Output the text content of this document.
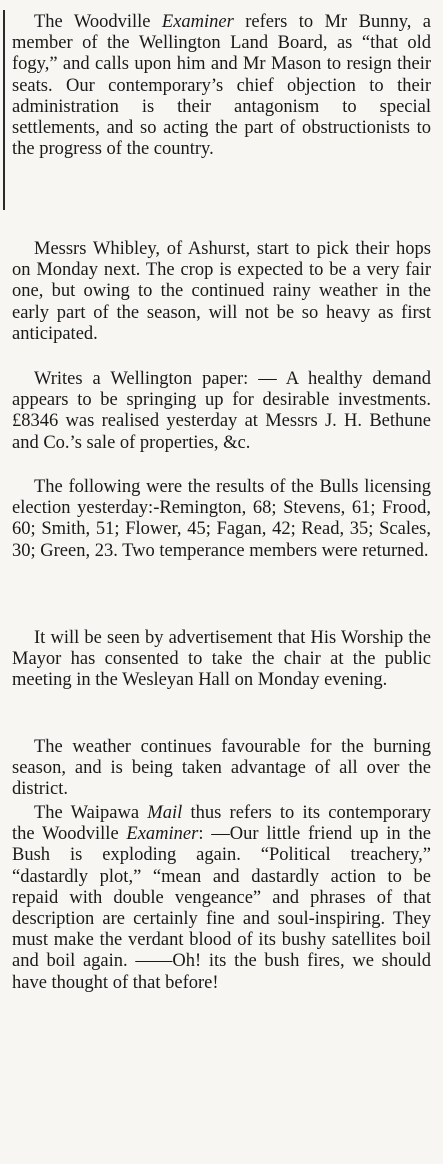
The Woodville Examiner refers to Mr Bunny, a member of the Wellington Land Board, as “that old fogy,” and calls upon him and Mr Mason to resign their seats. Our contemporary’s chief objection to their administration is their antagonism to special settlements, and so acting the part of obstructionists to the progress of the country.

Messrs Whibley, of Ashurst, start to pick their hops on Monday next. The crop is expected to be a very fair one, but owing to the continued rainy weather in the early part of the season, will not be so heavy as first anticipated.

Writes a Wellington paper: — A healthy demand appears to be springing up for desirable investments. £8346 was realised yesterday at Messrs J. H. Bethune and Co.’s sale of properties, &c.

The following were the results of the Bulls licensing election yesterday:-Remington, 68; Stevens, 61; Frood, 60; Smith, 51; Flower, 45; Fagan, 42; Read, 35; Scales, 30; Green, 23. Two temperance members were returned.

It will be seen by advertisement that His Worship the Mayor has consented to take the chair at the public meeting in the Wesleyan Hall on Monday evening.

The weather continues favourable for the burning season, and is being taken advantage of all over the district.

The Waipawa Mail thus refers to its contemporary the Woodville Examiner: —Our little friend up in the Bush is exploding again. “Political treachery,” “dastardly plot,” “mean and dastardly action to be repaid with double vengeance” and phrases of that description are certainly fine and soul-inspiring. They must make the verdant blood of its bushy satellites boil and boil again. ——Oh! its the bush fires, we should have thought of that before!
